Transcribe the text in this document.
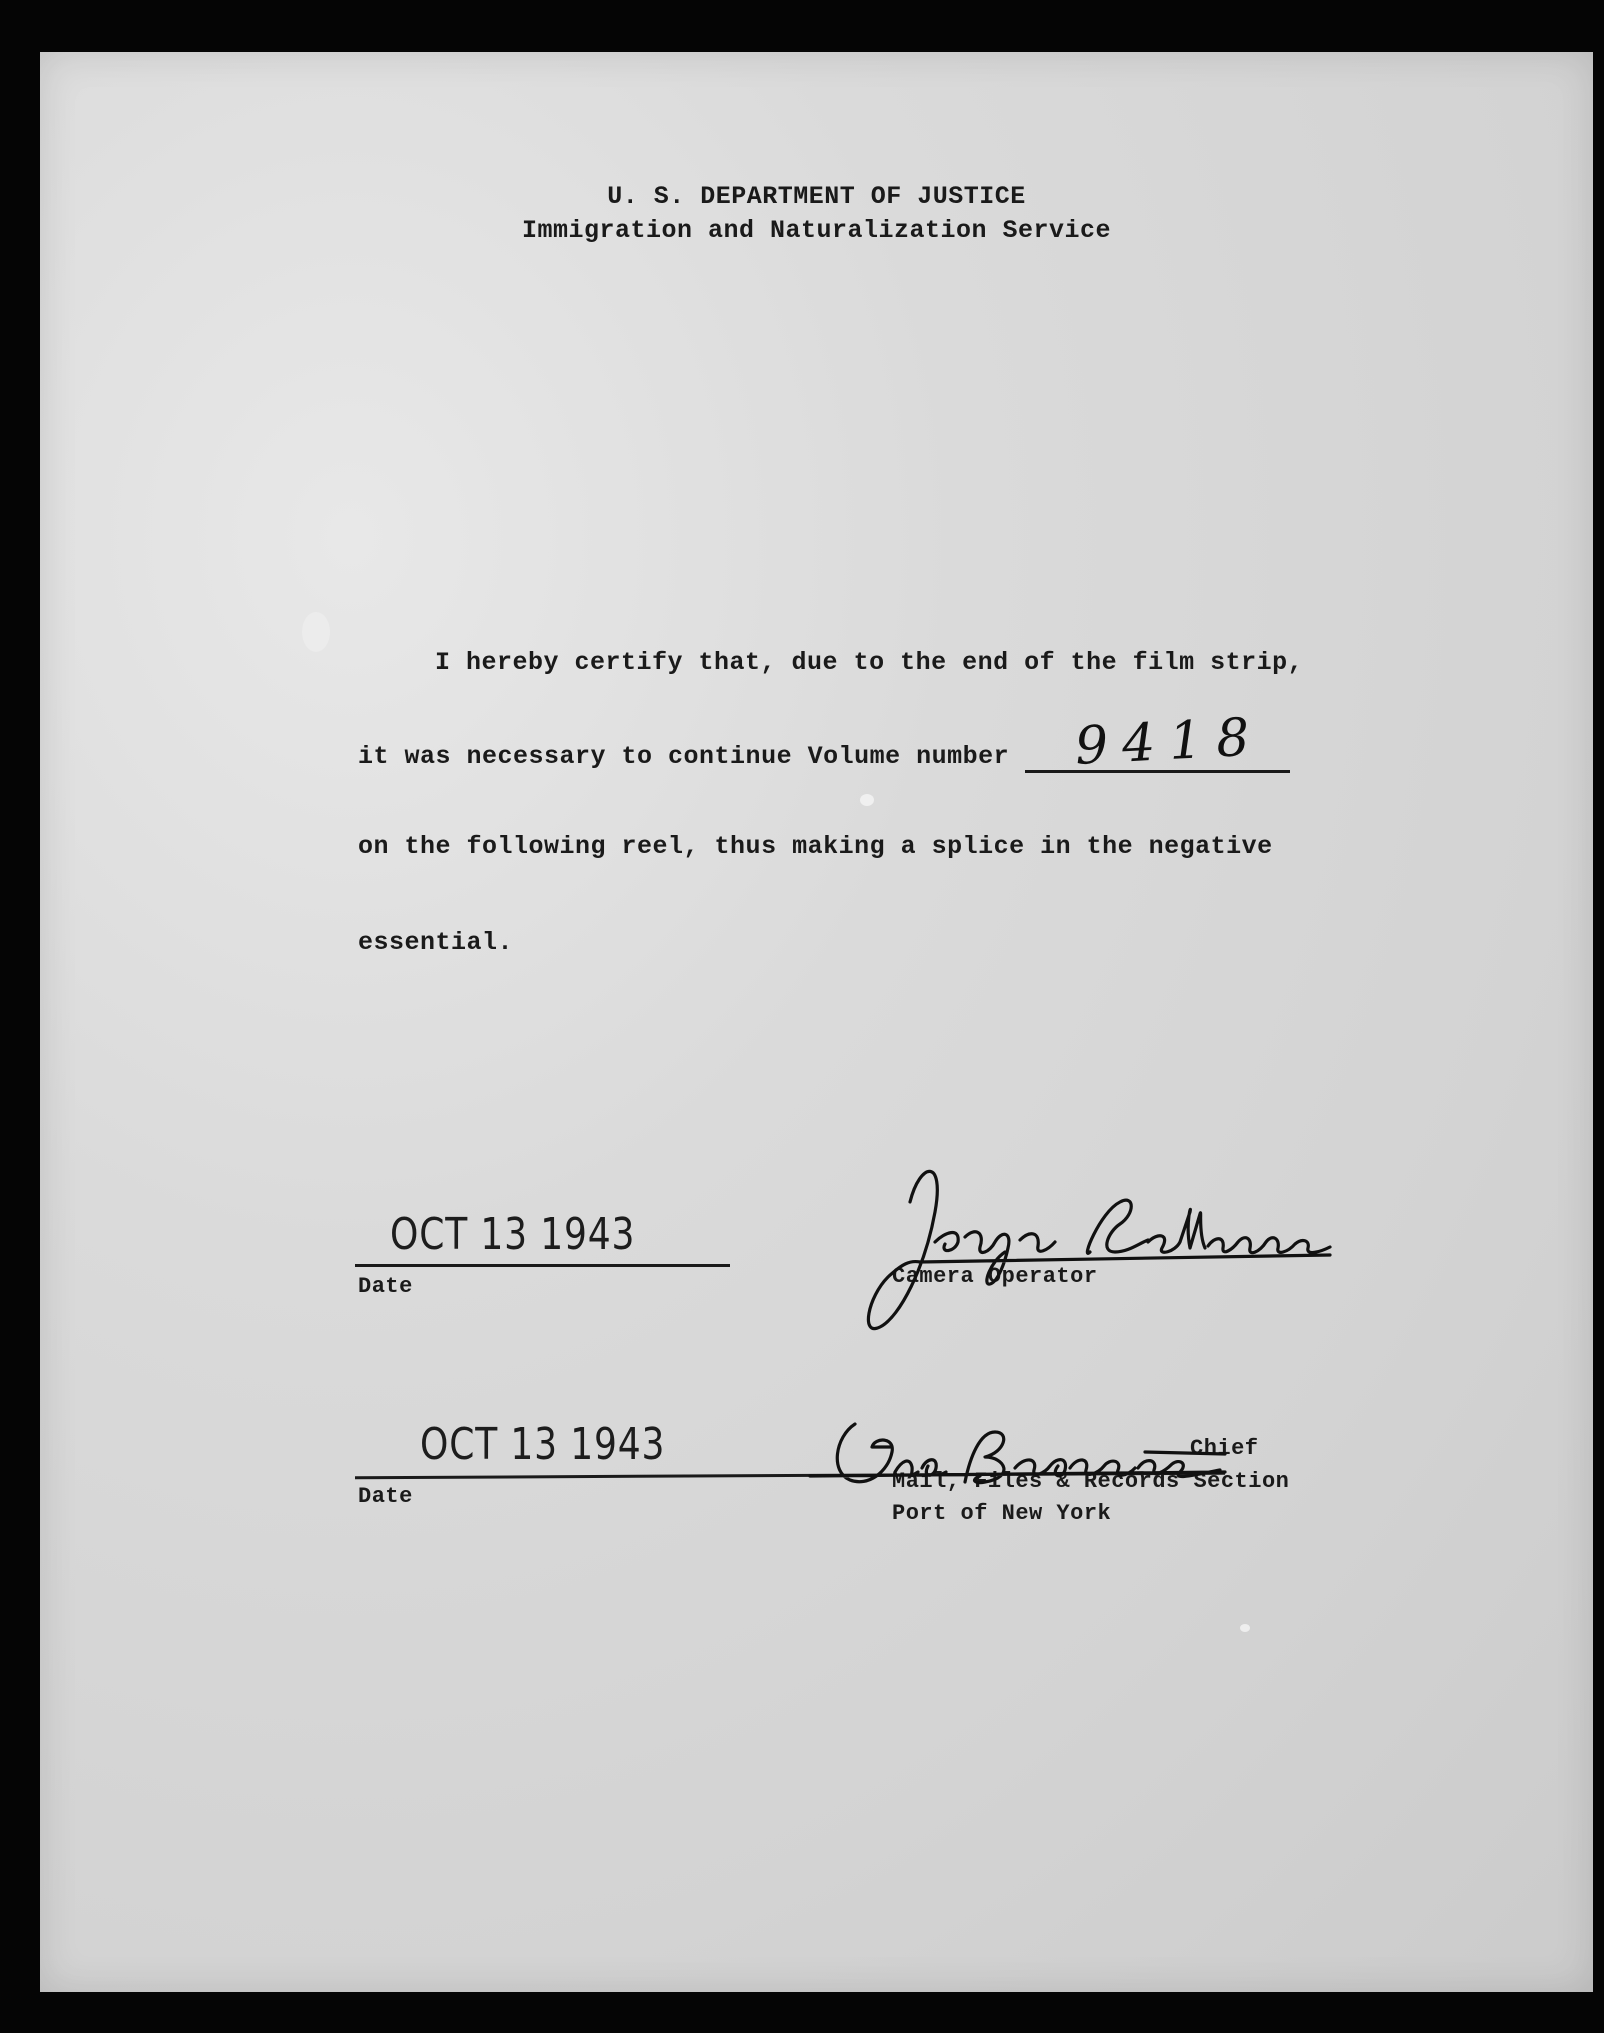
U. S. DEPARTMENT OF JUSTICE
Immigration and Naturalization Service
I hereby certify that, due to the end of the film strip,
it was necessary to continue Volume number 9418
on the following reel, thus making a splice in the negative
essential.
OCT 13 1943
Date	Camera Operator
OCT 13 1943
Date
Chief
Mail, Files & Records Section
Port of New York
